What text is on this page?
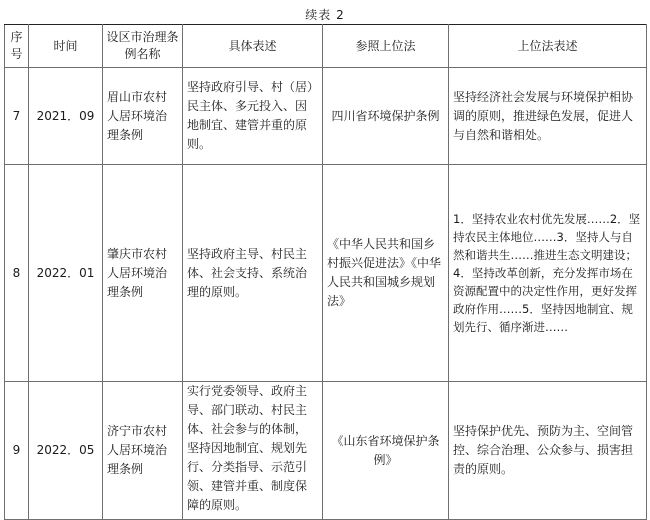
续表 2
序号	时间	设区市治理条例名称	具体表述	参照上位法	上位法表述
7	2021．09	眉山市农村人居环境治理条例	坚持政府引导、村（居）民主体、多元投入、因地制宜、建管并重的原则。	四川省环境保护条例	坚持经济社会发展与环境保护相协调的原则，推进绿色发展，促进人与自然和谐相处。
8	2022．01	肇庆市农村人居环境治理条例	坚持政府主导、村民主体、社会支持、系统治理的原则。	《中华人民共和国乡村振兴促进法》《中华人民共和国城乡规划法》	1．坚持农业农村优先发展……2．坚持农民主体地位……3．坚持人与自然和谐共生……推进生态文明建设；4．坚持改革创新，充分发挥市场在资源配置中的决定性作用，更好发挥政府作用……5．坚持因地制宜、规划先行、循序渐进……
9	2022．05	济宁市农村人居环境治理条例	实行党委领导、政府主导、部门联动、村民主体、社会参与的体制，坚持因地制宜、规划先行、分类指导、示范引领、建管并重、制度保障的原则。	《山东省环境保护条例》	坚持保护优先、预防为主、空间管控、综合治理、公众参与、损害担责的原则。
